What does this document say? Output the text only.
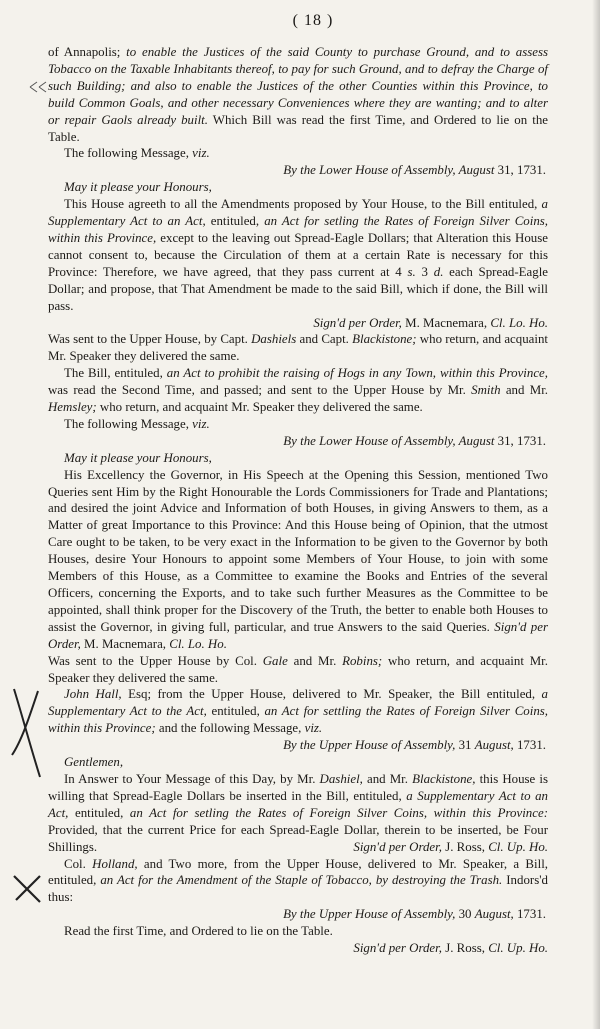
( 18 )

of Annapolis; to enable the Justices of the said County to purchase Ground, and to assess Tobacco on the Taxable Inhabitants thereof, to pay for such Ground, and to defray the Charge of such Building; and also to enable the Justices of the other Counties within this Province, to build Common Goals, and other necessary Conveniences where they are wanting; and to alter or repair Gaols already built. Which Bill was read the first Time, and Ordered to lie on the Table.

The following Message, viz.

By the Lower House of Assembly, August 31, 1731.

May it please your Honours,

This House agreeth to all the Amendments proposed by Your House, to the Bill entituled, a Supplementary Act to an Act, entituled, an Act for setling the Rates of Foreign Silver Coins, within this Province, except to the leaving out Spread-Eagle Dollars; that Alteration this House cannot consent to, because the Circulation of them at a certain Rate is necessary for this Province: Therefore, we have agreed, that they pass current at 4 s. 3 d. each Spread-Eagle Dollar; and propose, that That Amendment be made to the said Bill, which if done, the Bill will pass.

Sign'd per Order, M. Macnemara, Cl. Lo. Ho.

Was sent to the Upper House, by Capt. Dashiels and Capt. Blackistone; who return, and acquaint Mr. Speaker they delivered the same.

The Bill, entituled, an Act to prohibit the raising of Hogs in any Town, within this Province, was read the Second Time, and passed; and sent to the Upper House by Mr. Smith and Mr. Hemsley; who return, and acquaint Mr. Speaker they delivered the same.

The following Message, viz.

By the Lower House of Assembly, August 31, 1731.

May it please your Honours,

His Excellency the Governor, in His Speech at the Opening this Session, mentioned Two Queries sent Him by the Right Honourable the Lords Commissioners for Trade and Plantations; and desired the joint Advice and Information of both Houses, in giving Answers to them, as a Matter of great Importance to this Province: And this House being of Opinion, that the utmost Care ought to be taken, to be very exact in the Information to be given to the Governor by both Houses, desire Your Honours to appoint some Members of Your House, to join with some Members of this House, as a Committee to examine the Books and Entries of the several Officers, concerning the Exports, and to take such further Measures as the Committee to be appointed, shall think proper for the Discovery of the Truth, the better to enable both Houses to assist the Governor, in giving full, particular, and true Answers to the said Queries. Sign'd per Order, M. Macnemara, Cl. Lo. Ho.

Was sent to the Upper House by Col. Gale and Mr. Robins; who return, and acquaint Mr. Speaker they delivered the same.

John Hall, Esq; from the Upper House, delivered to Mr. Speaker, the Bill entituled, a Supplementary Act to the Act, entituled, an Act for settling the Rates of Foreign Silver Coins, within this Province; and the following Message, viz.

By the Upper House of Assembly, 31 August, 1731.

Gentlemen,

In Answer to Your Message of this Day, by Mr. Dashiel, and Mr. Blackistone, this House is willing that Spread-Eagle Dollars be inserted in the Bill, entituled, a Supplementary Act to an Act, entituled, an Act for setling the Rates of Foreign Silver Coins, within this Province: Provided, that the current Price for each Spread-Eagle Dollar, therein to be inserted, be Four Shillings.	Sign'd per Order, J. Ross, Cl. Up. Ho.

Col. Holland, and Two more, from the Upper House, delivered to Mr. Speaker, a Bill, entituled, an Act for the Amendment of the Staple of Tobacco, by destroying the Trash. Indors'd thus:

By the Upper House of Assembly, 30 August, 1731.

Read the first Time, and Ordered to lie on the Table.

Sign'd per Order, J. Ross, Cl. Up. Ho.
